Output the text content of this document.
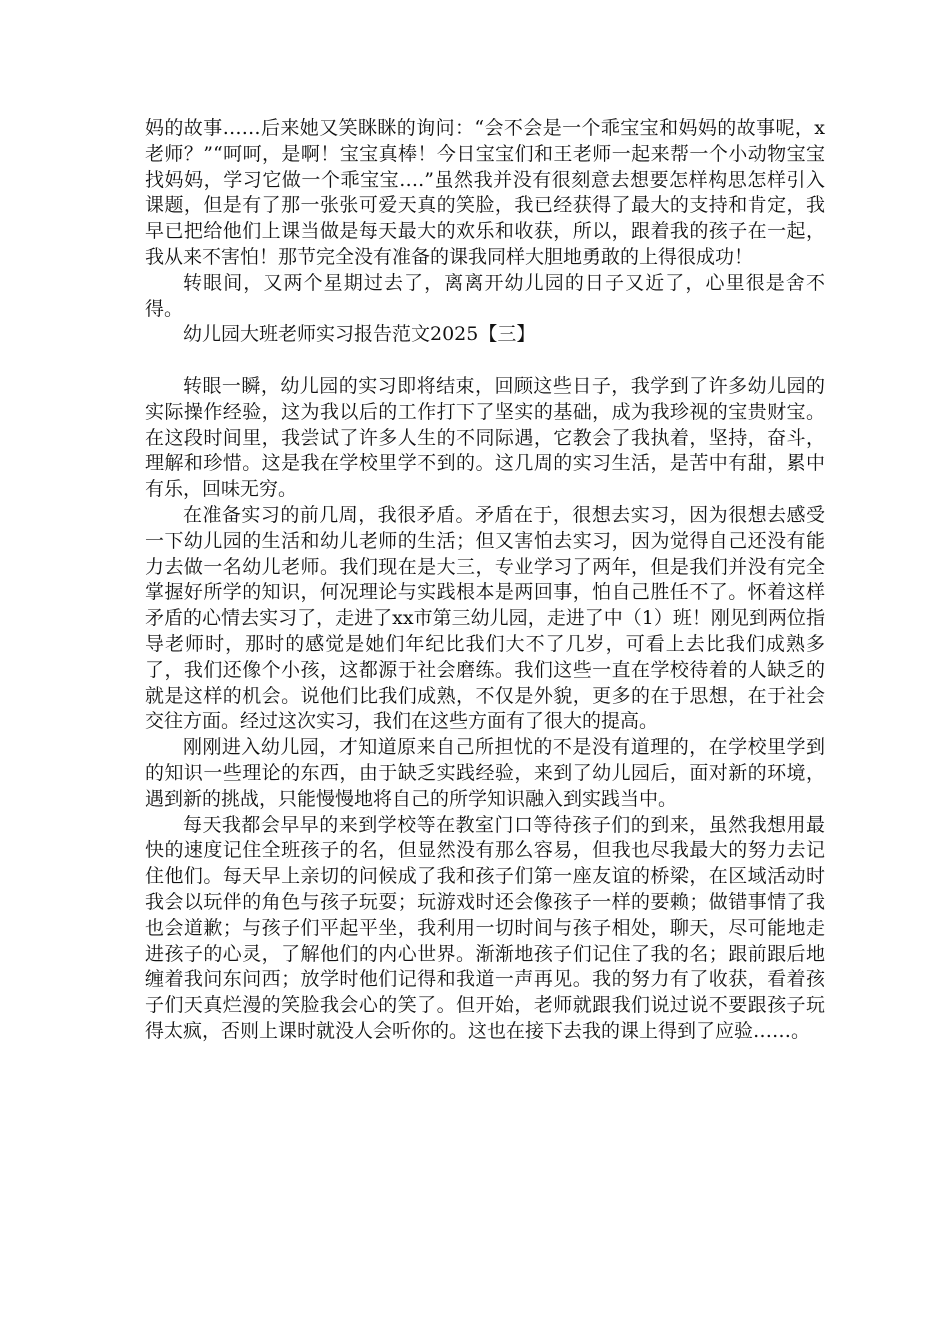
妈的故事……后来她又笑眯眯的询问：“会不会是一个乖宝宝和妈妈的故事呢，x老师？”“呵呵，是啊！宝宝真棒！今日宝宝们和王老师一起来帮一个小动物宝宝找妈妈，学习它做一个乖宝宝….”虽然我并没有很刻意去想要怎样构思怎样引入课题，但是有了那一张张可爱天真的笑脸，我已经获得了最大的支持和肯定，我早已把给他们上课当做是每天最大的欢乐和收获，所以，跟着我的孩子在一起，我从来不害怕！那节完全没有准备的课我同样大胆地勇敢的上得很成功！

转眼间，又两个星期过去了，离离开幼儿园的日子又近了，心里很是舍不得。

幼儿园大班老师实习报告范文2025【三】

转眼一瞬，幼儿园的实习即将结束，回顾这些日子，我学到了许多幼儿园的实际操作经验，这为我以后的工作打下了坚实的基础，成为我珍视的宝贵财宝。在这段时间里，我尝试了许多人生的不同际遇，它教会了我执着，坚持，奋斗，理解和珍惜。这是我在学校里学不到的。这几周的实习生活，是苦中有甜，累中有乐，回味无穷。

在准备实习的前几周，我很矛盾。矛盾在于，很想去实习，因为很想去感受一下幼儿园的生活和幼儿老师的生活；但又害怕去实习，因为觉得自己还没有能力去做一名幼儿老师。我们现在是大三，专业学习了两年，但是我们并没有完全掌握好所学的知识，何况理论与实践根本是两回事，怕自己胜任不了。怀着这样矛盾的心情去实习了，走进了xx市第三幼儿园，走进了中（1）班！刚见到两位指导老师时，那时的感觉是她们年纪比我们大不了几岁，可看上去比我们成熟多了，我们还像个小孩，这都源于社会磨练。我们这些一直在学校待着的人缺乏的就是这样的机会。说他们比我们成熟，不仅是外貌，更多的在于思想，在于社会交往方面。经过这次实习，我们在这些方面有了很大的提高。

刚刚进入幼儿园，才知道原来自己所担忧的不是没有道理的，在学校里学到的知识一些理论的东西，由于缺乏实践经验，来到了幼儿园后，面对新的环境，遇到新的挑战，只能慢慢地将自己的所学知识融入到实践当中。

每天我都会早早的来到学校等在教室门口等待孩子们的到来，虽然我想用最快的速度记住全班孩子的名，但显然没有那么容易，但我也尽我最大的努力去记住他们。每天早上亲切的问候成了我和孩子们第一座友谊的桥梁，在区域活动时我会以玩伴的角色与孩子玩耍；玩游戏时还会像孩子一样的要赖；做错事情了我也会道歉；与孩子们平起平坐，我利用一切时间与孩子相处，聊天，尽可能地走进孩子的心灵，了解他们的内心世界。渐渐地孩子们记住了我的名；跟前跟后地缠着我问东问西；放学时他们记得和我道一声再见。我的努力有了收获，看着孩子们天真烂漫的笑脸我会心的笑了。但开始，老师就跟我们说过说不要跟孩子玩得太疯，否则上课时就没人会听你的。这也在接下去我的课上得到了应验……。
